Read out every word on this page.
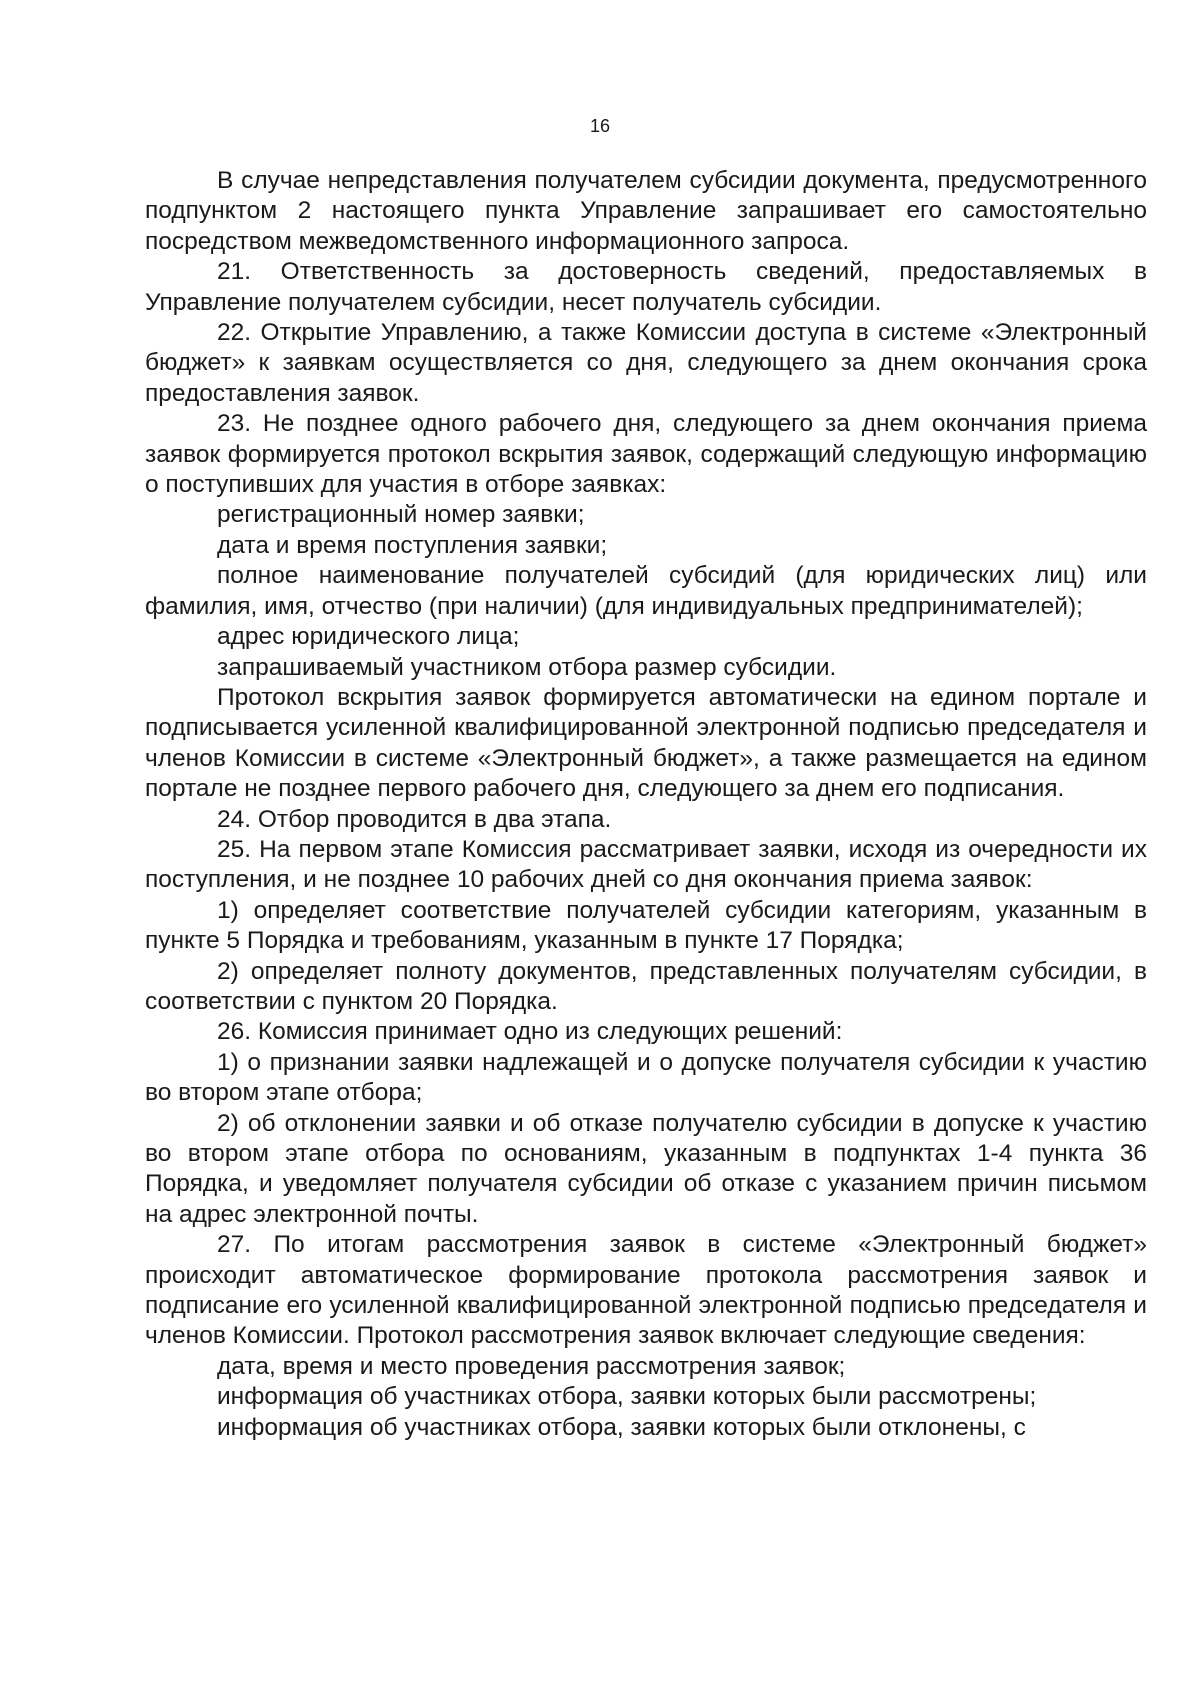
16

В случае непредставления получателем субсидии документа, предусмотренного подпунктом 2 настоящего пункта Управление запрашивает его самостоятельно посредством межведомственного информационного запроса.

21. Ответственность за достоверность сведений, предоставляемых в Управление получателем субсидии, несет получатель субсидии.

22. Открытие Управлению, а также Комиссии доступа в системе «Электронный бюджет» к заявкам осуществляется со дня, следующего за днем окончания срока предоставления заявок.

23. Не позднее одного рабочего дня, следующего за днем окончания приема заявок формируется протокол вскрытия заявок, содержащий следующую информацию о поступивших для участия в отборе заявках:

регистрационный номер заявки;

дата и время поступления заявки;

полное наименование получателей субсидий (для юридических лиц) или фамилия, имя, отчество (при наличии) (для индивидуальных предпринимателей);

адрес юридического лица;

запрашиваемый участником отбора размер субсидии.

Протокол вскрытия заявок формируется автоматически на едином портале и подписывается усиленной квалифицированной электронной подписью председателя и членов Комиссии в системе «Электронный бюджет», а также размещается на едином портале не позднее первого рабочего дня, следующего за днем его подписания.

24. Отбор проводится в два этапа.

25. На первом этапе Комиссия рассматривает заявки, исходя из очередности их поступления, и не позднее 10 рабочих дней со дня окончания приема заявок:

1) определяет соответствие получателей субсидии категориям, указанным в пункте 5 Порядка и требованиям, указанным в пункте 17 Порядка;

2) определяет полноту документов, представленных получателям субсидии, в соответствии с пунктом 20 Порядка.

26. Комиссия принимает одно из следующих решений:

1) о признании заявки надлежащей и о допуске получателя субсидии к участию во втором этапе отбора;

2) об отклонении заявки и об отказе получателю субсидии в допуске к участию во втором этапе отбора по основаниям, указанным в подпунктах 1-4 пункта 36 Порядка, и уведомляет получателя субсидии об отказе с указанием причин письмом на адрес электронной почты.

27. По итогам рассмотрения заявок в системе «Электронный бюджет» происходит автоматическое формирование протокола рассмотрения заявок и подписание его усиленной квалифицированной электронной подписью председателя и членов Комиссии. Протокол рассмотрения заявок включает следующие сведения:

дата, время и место проведения рассмотрения заявок;

информация об участниках отбора, заявки которых были рассмотрены;

информация об участниках отбора, заявки которых были отклонены, с
